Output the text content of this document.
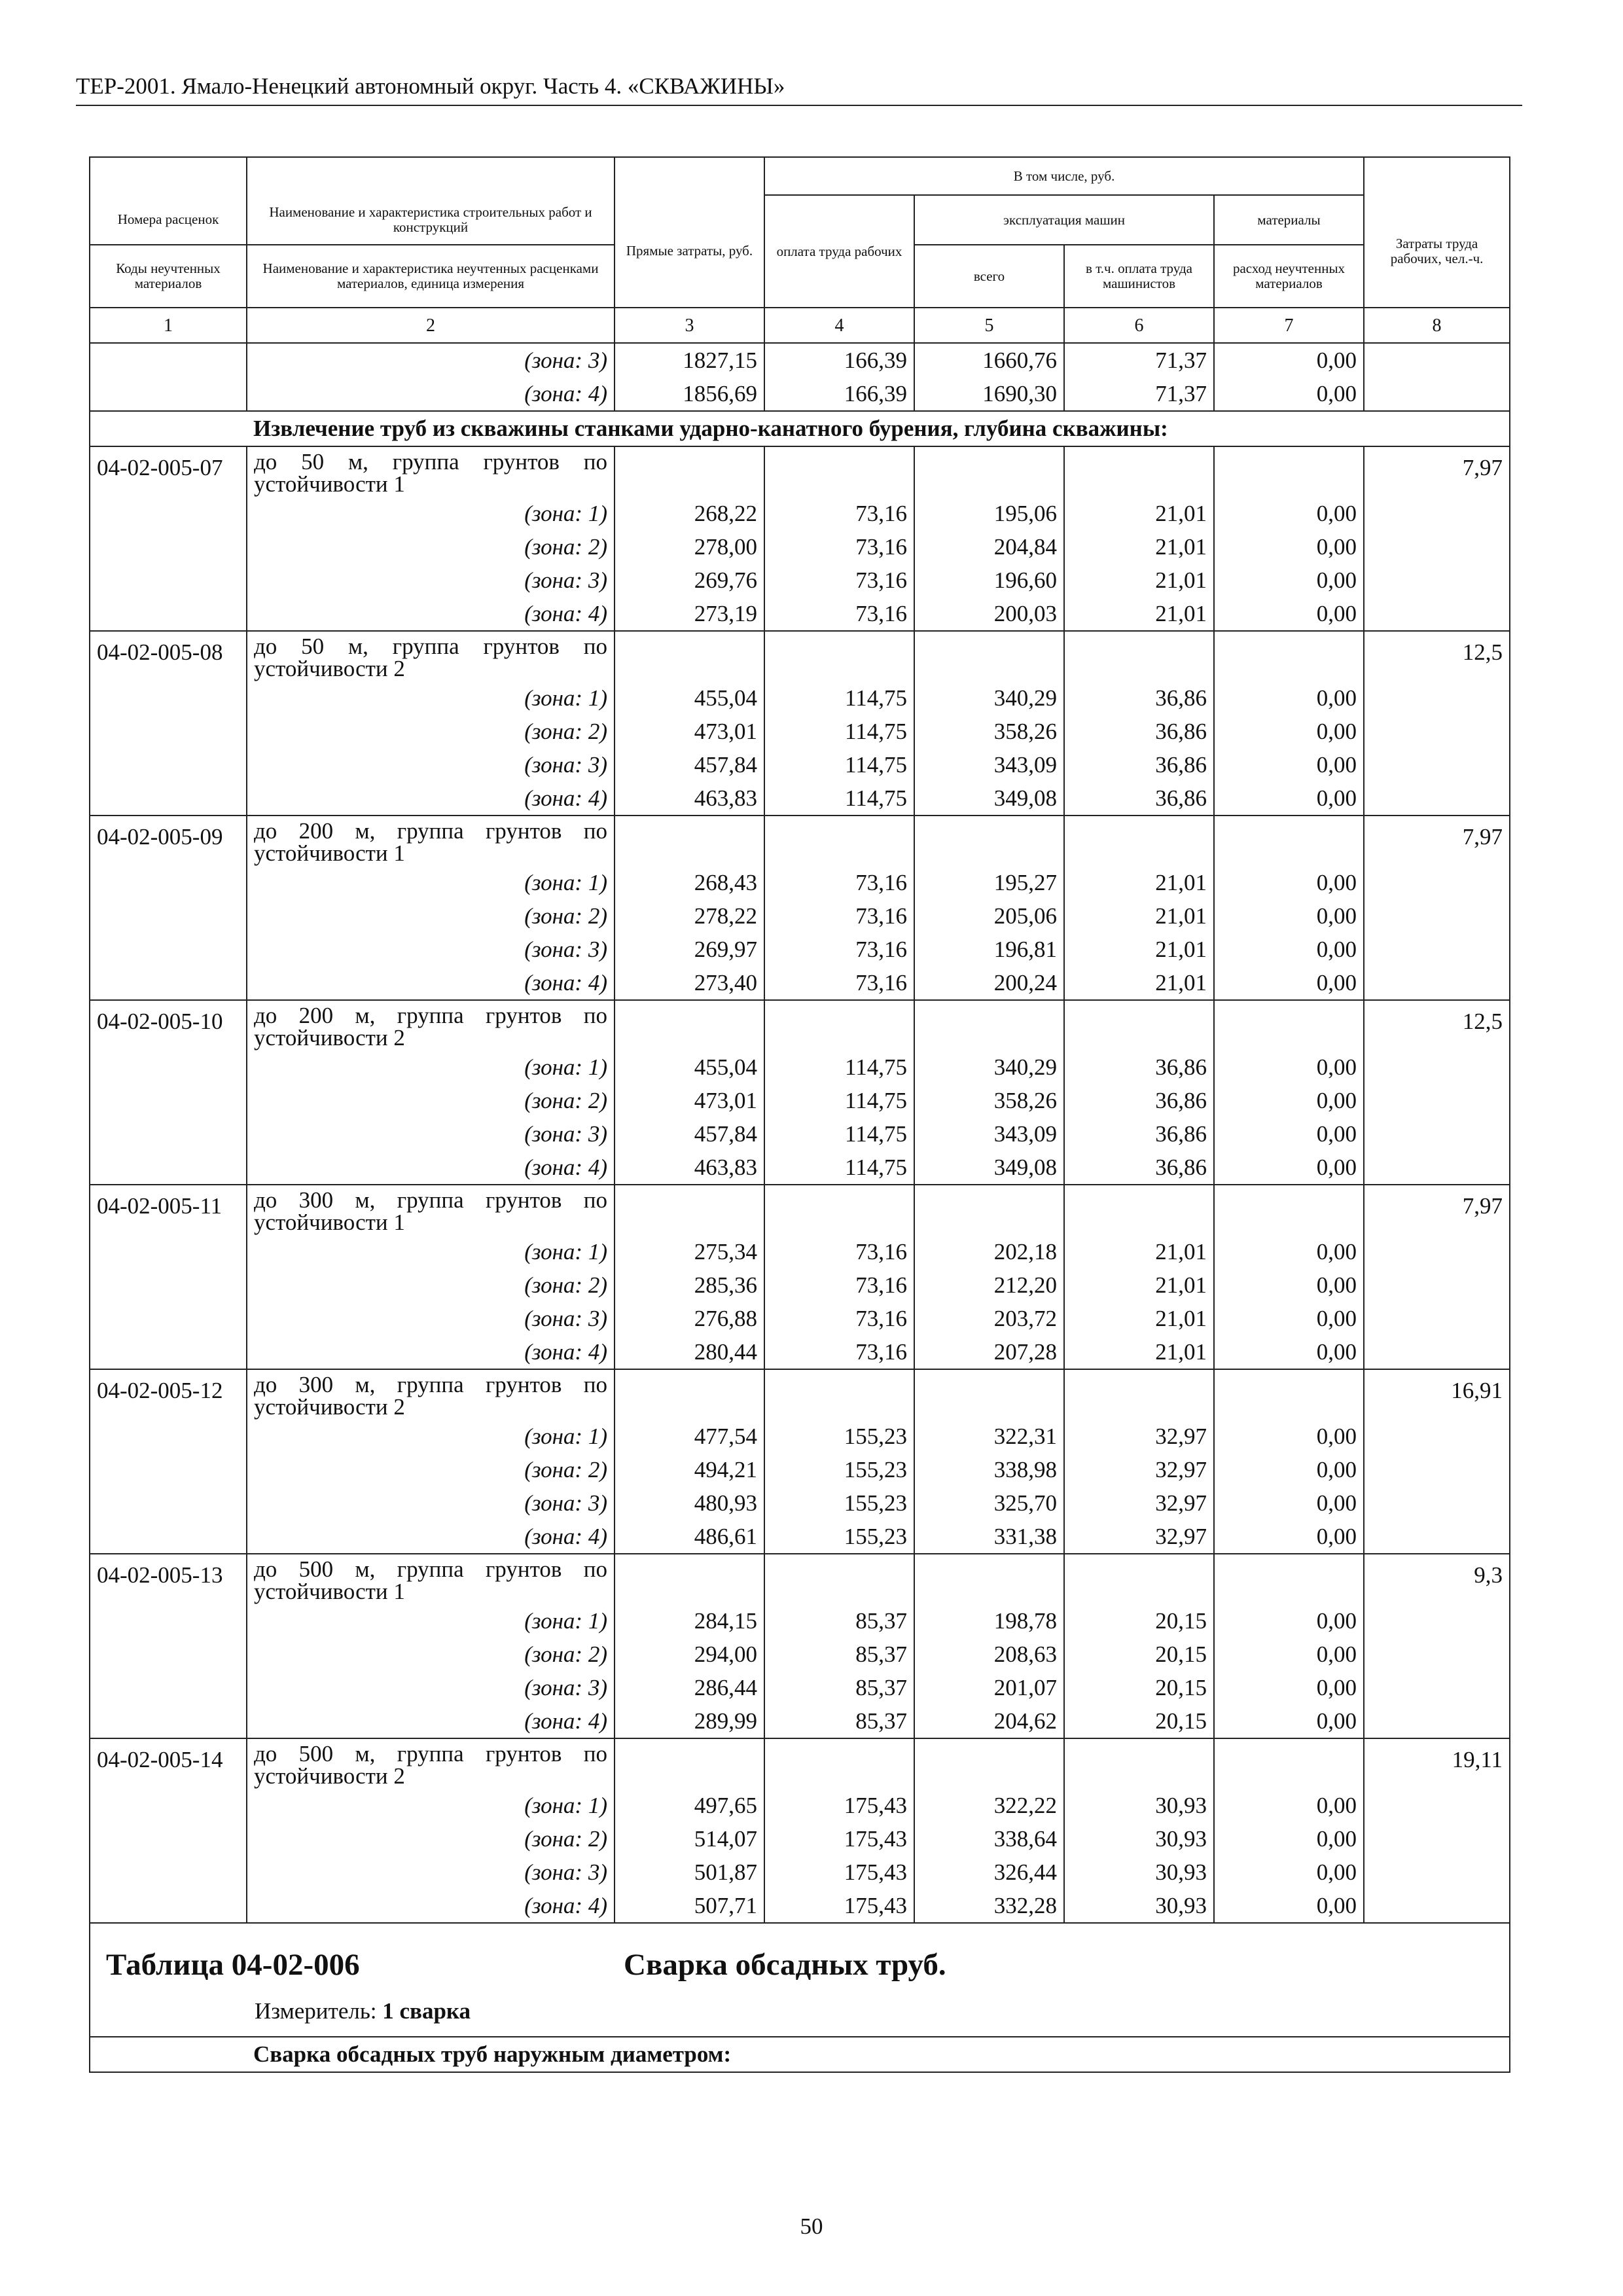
ТЕР-2001. Ямало-Ненецкий автономный округ. Часть 4. «СКВАЖИНЫ»
			В том числе, руб.				
Номера расценок	Наименование и характеристика строительных работ и конструкций	Прямые затраты, руб.	оплата труда рабочих	эксплуатация машин		материалы	Затраты труда рабочих, чел.-ч.
Коды неучтенных материалов	Наименование и характеристика неучтенных расценками материалов, единица измерения			всего	в т.ч. оплата труда машинистов	расход неучтенных материалов	
1	2	3	4	5	6	7	8
	(зона: 3)	1827,15	166,39	1660,76	71,37	0,00	
	(зона: 4)	1856,69	166,39	1690,30	71,37	0,00	
	Извлечение труб из скважины станками ударно-канатного бурения, глубина скважины:						
04-02-005-07	до 50 м, группа грунтов по устойчивости 1						7,97
	(зона: 1)	268,22	73,16	195,06	21,01	0,00	
	(зона: 2)	278,00	73,16	204,84	21,01	0,00	
	(зона: 3)	269,76	73,16	196,60	21,01	0,00	
	(зона: 4)	273,19	73,16	200,03	21,01	0,00	
04-02-005-08	до 50 м, группа грунтов по устойчивости 2						12,5
	(зона: 1)	455,04	114,75	340,29	36,86	0,00	
	(зона: 2)	473,01	114,75	358,26	36,86	0,00	
	(зона: 3)	457,84	114,75	343,09	36,86	0,00	
	(зона: 4)	463,83	114,75	349,08	36,86	0,00	
04-02-005-09	до 200 м, группа грунтов по устойчивости 1						7,97
	(зона: 1)	268,43	73,16	195,27	21,01	0,00	
	(зона: 2)	278,22	73,16	205,06	21,01	0,00	
	(зона: 3)	269,97	73,16	196,81	21,01	0,00	
	(зона: 4)	273,40	73,16	200,24	21,01	0,00	
04-02-005-10	до 200 м, группа грунтов по устойчивости 2						12,5
	(зона: 1)	455,04	114,75	340,29	36,86	0,00	
	(зона: 2)	473,01	114,75	358,26	36,86	0,00	
	(зона: 3)	457,84	114,75	343,09	36,86	0,00	
	(зона: 4)	463,83	114,75	349,08	36,86	0,00	
04-02-005-11	до 300 м, группа грунтов по устойчивости 1						7,97
	(зона: 1)	275,34	73,16	202,18	21,01	0,00	
	(зона: 2)	285,36	73,16	212,20	21,01	0,00	
	(зона: 3)	276,88	73,16	203,72	21,01	0,00	
	(зона: 4)	280,44	73,16	207,28	21,01	0,00	
04-02-005-12	до 300 м, группа грунтов по устойчивости 2						16,91
	(зона: 1)	477,54	155,23	322,31	32,97	0,00	
	(зона: 2)	494,21	155,23	338,98	32,97	0,00	
	(зона: 3)	480,93	155,23	325,70	32,97	0,00	
	(зона: 4)	486,61	155,23	331,38	32,97	0,00	
04-02-005-13	до 500 м, группа грунтов по устойчивости 1						9,3
	(зона: 1)	284,15	85,37	198,78	20,15	0,00	
	(зона: 2)	294,00	85,37	208,63	20,15	0,00	
	(зона: 3)	286,44	85,37	201,07	20,15	0,00	
	(зона: 4)	289,99	85,37	204,62	20,15	0,00	
04-02-005-14	до 500 м, группа грунтов по устойчивости 2						19,11
	(зона: 1)	497,65	175,43	322,22	30,93	0,00	
	(зона: 2)	514,07	175,43	338,64	30,93	0,00	
	(зона: 3)	501,87	175,43	326,44	30,93	0,00	
	(зона: 4)	507,71	175,43	332,28	30,93	0,00	

Таблица 04-02-006 Сварка обсадных труб.
Измеритель: 1 сварка							

	Сварка обсадных труб наружным диаметром:						
50
